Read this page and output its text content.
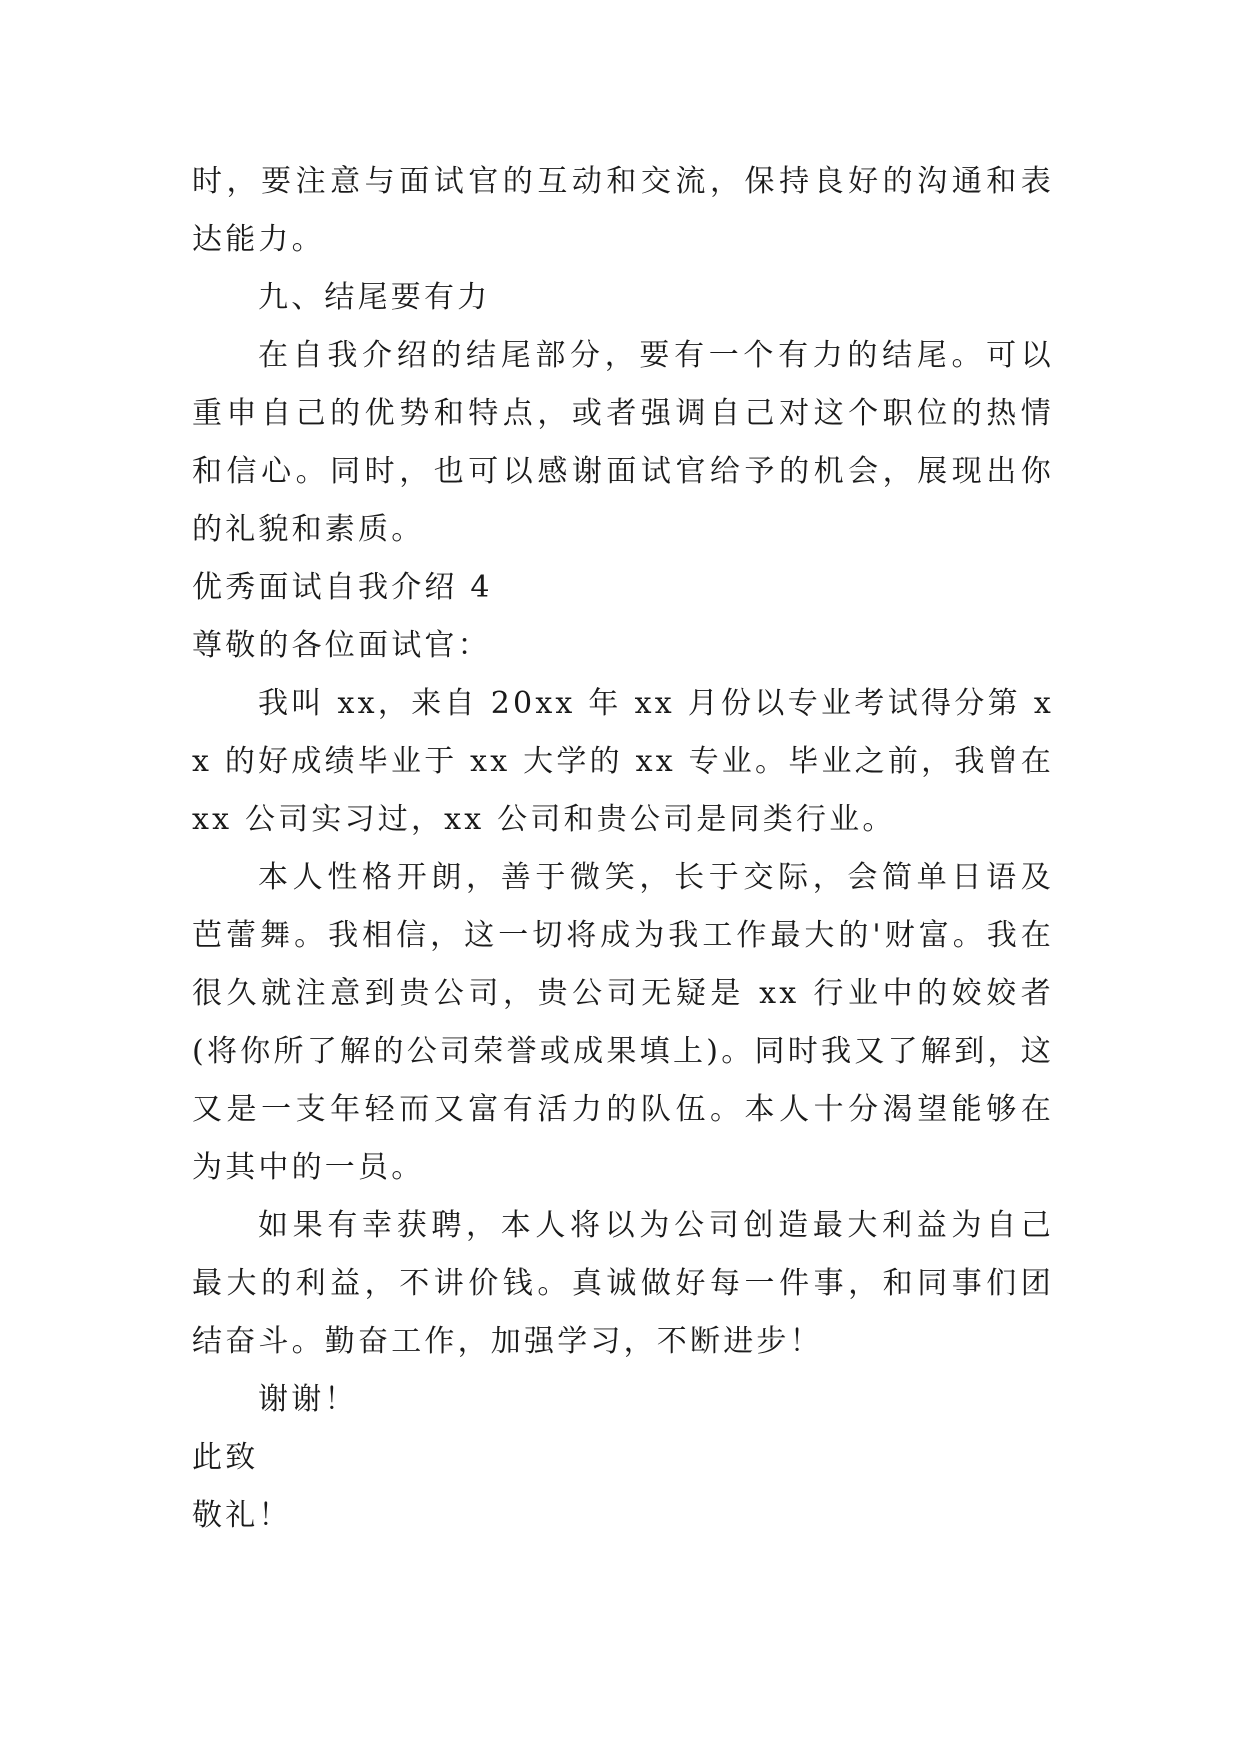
时，要注意与面试官的互动和交流，保持良好的沟通和表达能力。

九、结尾要有力

在自我介绍的结尾部分，要有一个有力的结尾。可以重申自己的优势和特点，或者强调自己对这个职位的热情和信心。同时，也可以感谢面试官给予的机会，展现出你的礼貌和素质。

优秀面试自我介绍 4

尊敬的各位面试官：

我叫 xx，来自 20xx 年 xx 月份以专业考试得分第 xx 的好成绩毕业于 xx 大学的 xx 专业。毕业之前，我曾在 xx 公司实习过，xx 公司和贵公司是同类行业。

本人性格开朗，善于微笑，长于交际，会简单日语及芭蕾舞。我相信，这一切将成为我工作最大的'财富。我在很久就注意到贵公司，贵公司无疑是 xx 行业中的姣姣者(将你所了解的公司荣誉或成果填上)。同时我又了解到，这又是一支年轻而又富有活力的队伍。本人十分渴望能够在为其中的一员。

如果有幸获聘，本人将以为公司创造最大利益为自己最大的利益，不讲价钱。真诚做好每一件事，和同事们团结奋斗。勤奋工作，加强学习，不断进步！

谢谢！

此致

敬礼！
